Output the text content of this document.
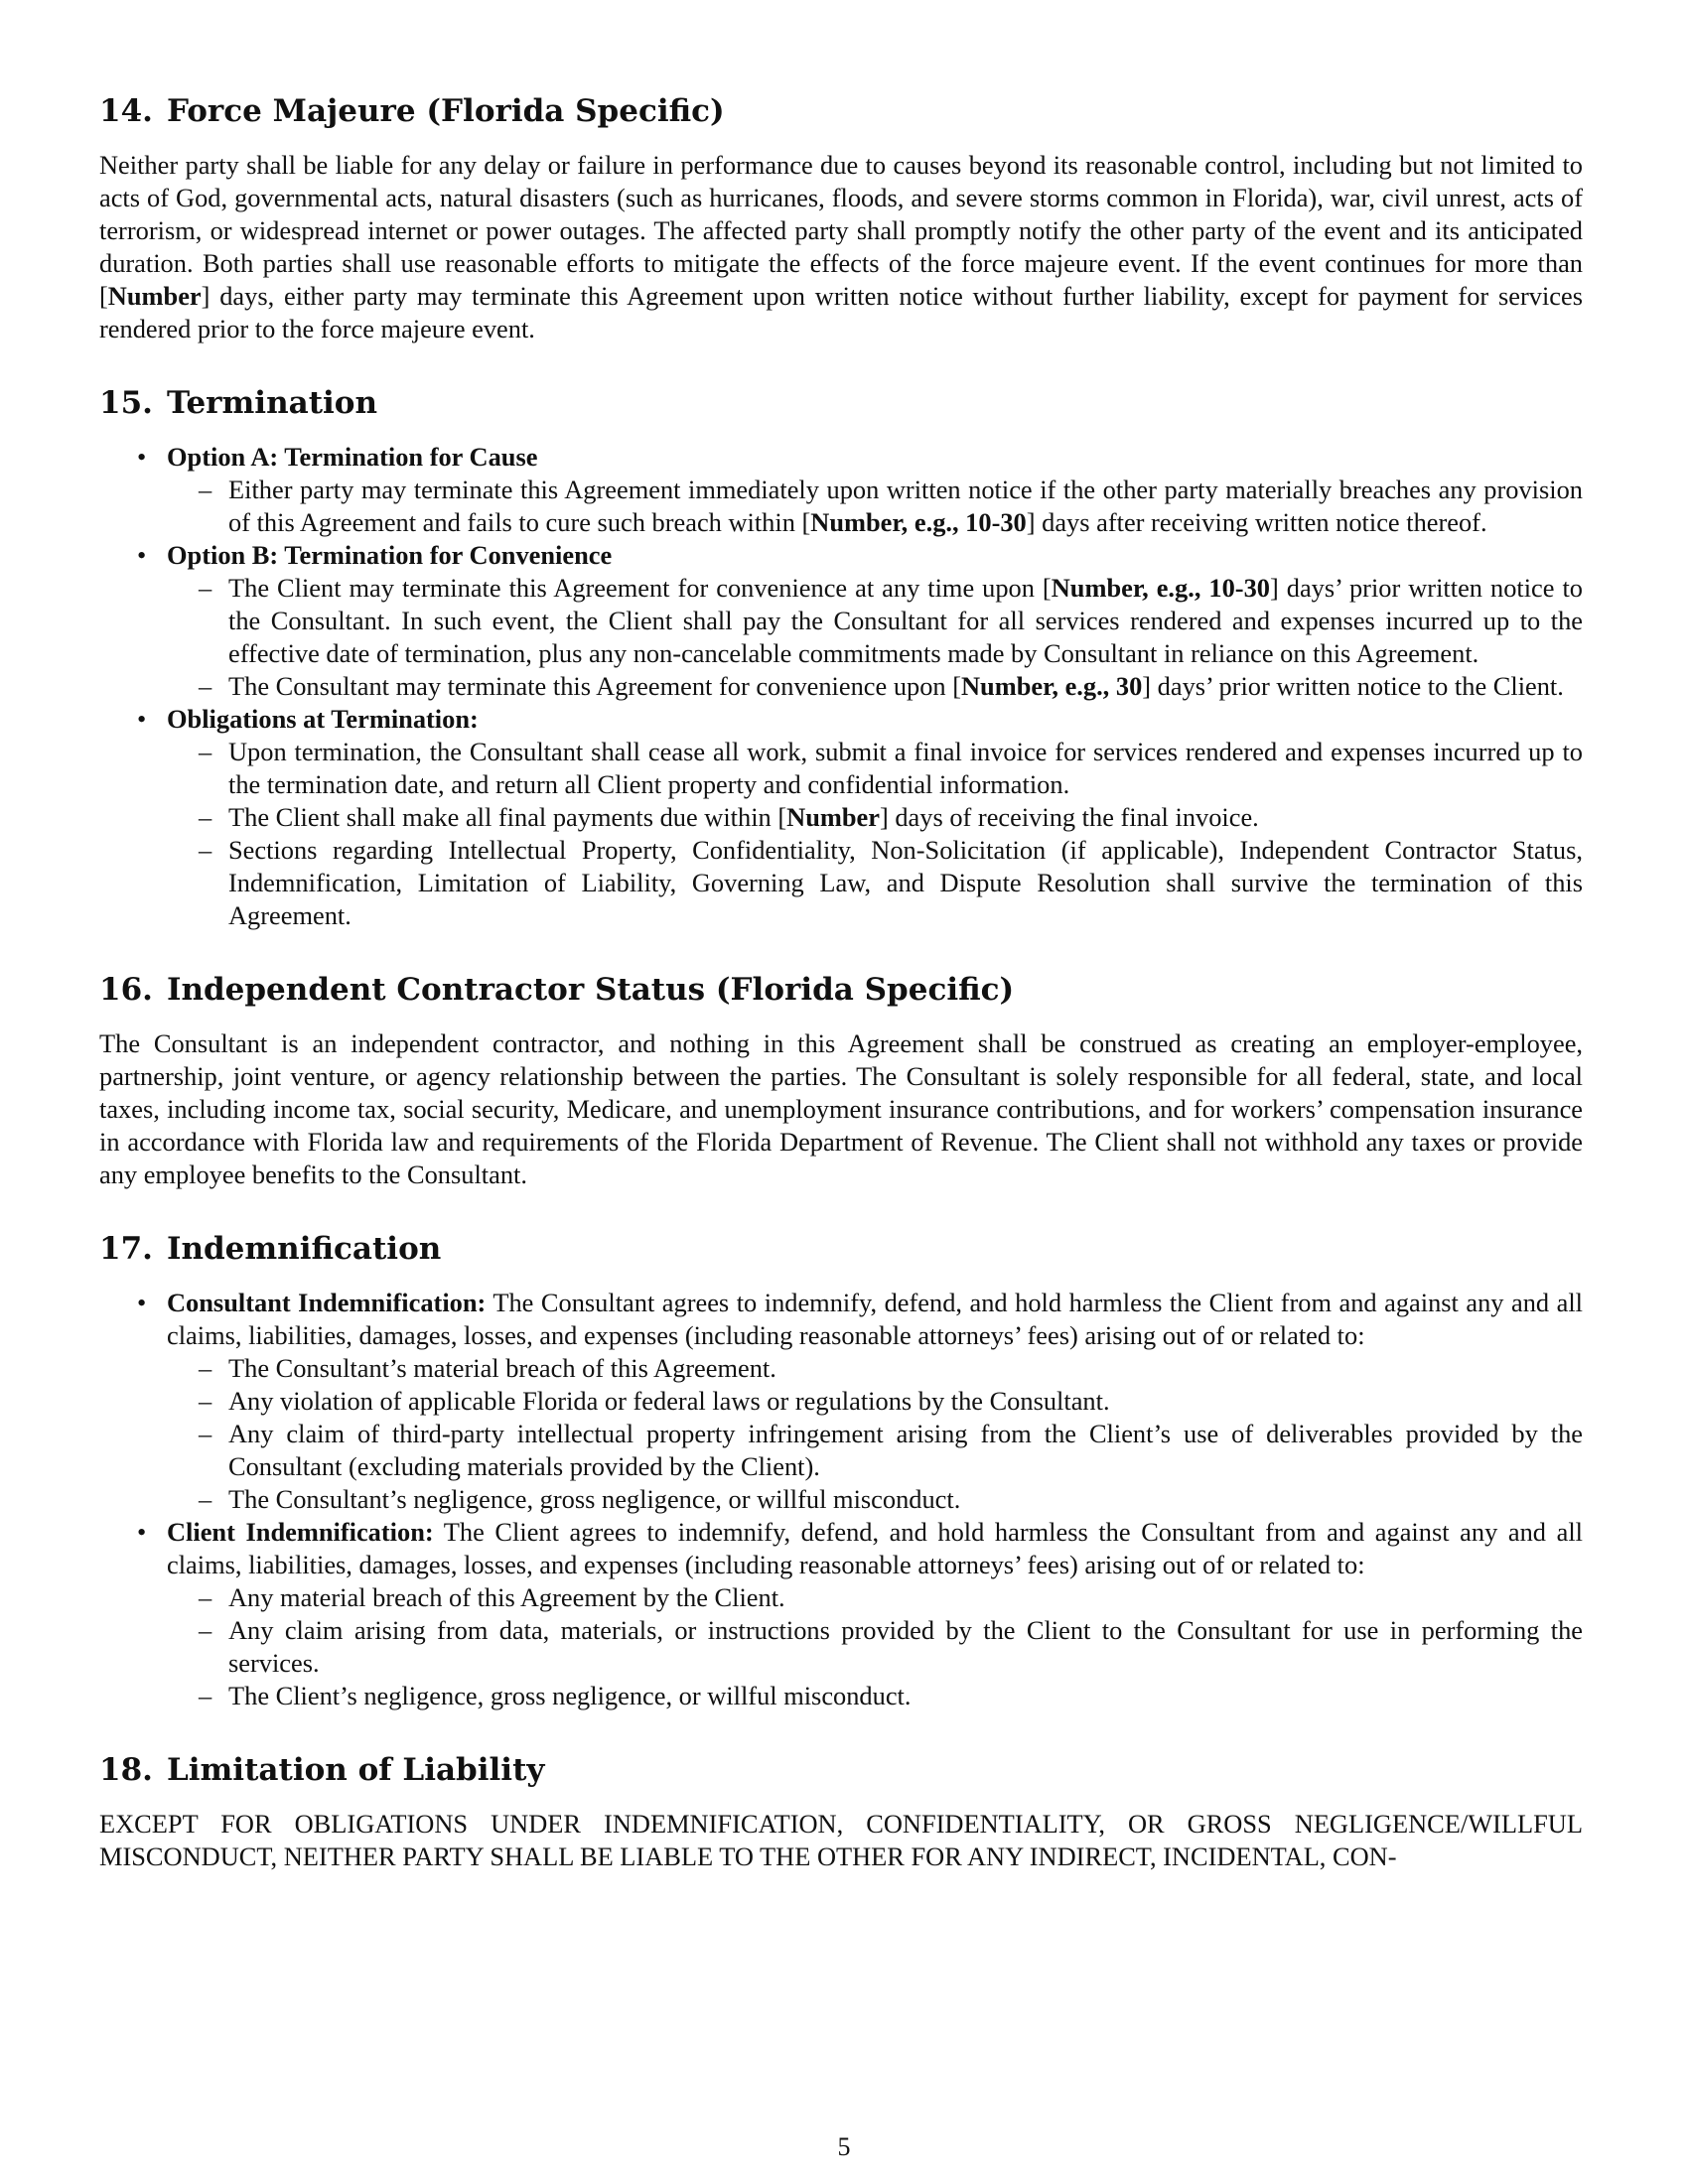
14. Force Majeure (Florida Specific)

Neither party shall be liable for any delay or failure in performance due to causes beyond its reasonable control, including but not limited to acts of God, governmental acts, natural disasters (such as hurricanes, floods, and severe storms common in Florida), war, civil unrest, acts of terrorism, or widespread internet or power outages. The affected party shall promptly notify the other party of the event and its anticipated duration. Both parties shall use reasonable efforts to mitigate the effects of the force majeure event. If the event continues for more than [Number] days, either party may terminate this Agreement upon written notice without further liability, except for payment for services rendered prior to the force majeure event.

15. Termination
• Option A: Termination for Cause
– Either party may terminate this Agreement immediately upon written notice if the other party materially breaches any provision of this Agreement and fails to cure such breach within [Number, e.g., 10-30] days after receiving written notice thereof.
• Option B: Termination for Convenience
– The Client may terminate this Agreement for convenience at any time upon [Number, e.g., 10-30] days’ prior written notice to the Consultant. In such event, the Client shall pay the Consultant for all services rendered and expenses incurred up to the effective date of termination, plus any non-cancelable commitments made by Consultant in reliance on this Agreement.
– The Consultant may terminate this Agreement for convenience upon [Number, e.g., 30] days’ prior written notice to the Client.
• Obligations at Termination:
– Upon termination, the Consultant shall cease all work, submit a final invoice for services rendered and expenses incurred up to the termination date, and return all Client property and confidential information.
– The Client shall make all final payments due within [Number] days of receiving the final invoice.
– Sections regarding Intellectual Property, Confidentiality, Non-Solicitation (if applicable), Independent Contractor Status, Indemnification, Limitation of Liability, Governing Law, and Dispute Resolution shall survive the termination of this Agreement.
16. Independent Contractor Status (Florida Specific)

The Consultant is an independent contractor, and nothing in this Agreement shall be construed as creating an employer-employee, partnership, joint venture, or agency relationship between the parties. The Consultant is solely responsible for all federal, state, and local taxes, including income tax, social security, Medicare, and unemployment insurance contributions, and for workers’ compensation insurance in accordance with Florida law and requirements of the Florida Department of Revenue. The Client shall not withhold any taxes or provide any employee benefits to the Consultant.

17. Indemnification
• Consultant Indemnification: The Consultant agrees to indemnify, defend, and hold harmless the Client from and against any and all claims, liabilities, damages, losses, and expenses (including reasonable attorneys’ fees) arising out of or related to:
– The Consultant’s material breach of this Agreement.
– Any violation of applicable Florida or federal laws or regulations by the Consultant.
– Any claim of third-party intellectual property infringement arising from the Client’s use of deliverables provided by the Consultant (excluding materials provided by the Client).
– The Consultant’s negligence, gross negligence, or willful misconduct.
• Client Indemnification: The Client agrees to indemnify, defend, and hold harmless the Consultant from and against any and all claims, liabilities, damages, losses, and expenses (including reasonable attorneys’ fees) arising out of or related to:
– Any material breach of this Agreement by the Client.
– Any claim arising from data, materials, or instructions provided by the Client to the Consultant for use in performing the services.
– The Client’s negligence, gross negligence, or willful misconduct.
18. Limitation of Liability

EXCEPT FOR OBLIGATIONS UNDER INDEMNIFICATION, CONFIDENTIALITY, OR GROSS NEGLIGENCE/WILLFUL MISCONDUCT, NEITHER PARTY SHALL BE LIABLE TO THE OTHER FOR ANY INDIRECT, INCIDENTAL, CON-

5
